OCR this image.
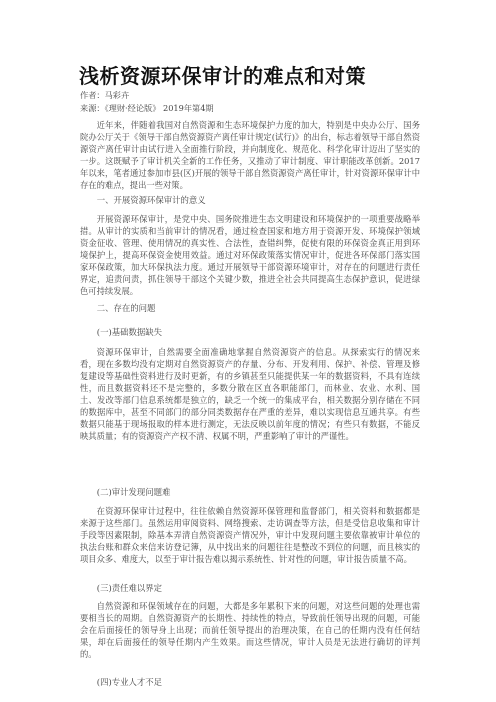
浅析资源环保审计的难点和对策
作者：马彩卉
来源：《理财·经论版》 2019年第4期

近年来，伴随着我国对自然资源和生态环境保护力度的加大，特别是中央办公厅、国务院办公厅关于《领导干部自然资源资产离任审计规定(试行)》的出台，标志着领导干部自然资源资产离任审计由试行进入全面推行阶段，并向制度化、规范化、科学化审计迈出了坚实的一步。这既赋予了审计机关全新的工作任务，又推动了审计制度、审计职能改革创新。2017年以来，笔者通过参加市县(区)开展的领导干部自然资源资产离任审计，针对资源环保审计中存在的难点，提出一些对策。

一、开展资源环保审计的意义

开展资源环保审计，是党中央、国务院推进生态文明建设和环境保护的一项重要战略举措。从审计的实质和当前审计的情况看，通过检查国家和地方用于资源开发、环境保护领域资金征收、管理、使用情况的真实性、合法性，查错纠弊，促使有限的环保资金真正用到环境保护上，提高环保资金使用效益。通过对环保政策落实情况审计，促进各环保部门落实国家环保政策，加大环保执法力度。通过开展领导干部资源环境审计，对存在的问题进行责任界定，追责问责，抓住领导干部这个关键少数，推进全社会共同提高生态保护意识，促进绿色可持续发展。

二、存在的问题
(一)基础数据缺失

资源环保审计，自然需要全面准确地掌握自然资源资产的信息。从探索实行的情况来看，现在多数均没有定期对自然资源资产的存量、分布、开发利用、保护、补偿、管理及修复建设等基础性资料进行及时更新，有的乡镇甚至只能提供某一年的数据资料，不具有连续性，而且数据资料还不是完整的，多数分散在区直各职能部门，而林业、农业、水利、国土、发改等部门信息系统都是独立的，缺乏一个统一的集成平台，相关数据分别存储在不同的数据库中，甚至不同部门的部分同类数据存在严重的差异，难以实现信息互通共享。有些数据只能基于现场报取的样本进行测定，无法反映以前年度的情况；有些只有数据，不能反映其质量；有的资源资产产权不清、权属不明，严重影响了审计的严谨性。

(二)审计发现问题难

在资源环保审计过程中，往往依赖自然资源环保管理和监督部门，相关资料和数据都是来源于这些部门。虽然运用审阅资料、网络搜索、走访调查等方法，但是受信息收集和审计手段等因素限制，除基本弄清自然资源资产情况外，审计中发现问题主要依靠被审计单位的执法台账和群众来信来访登记簿，从中找出来的问题往往是整改不到位的问题，而且核实的项目众多、难度大，以至于审计报告难以揭示系统性、针对性的问题，审计报告质量不高。

(三)责任难以界定

自然资源和环保领域存在的问题，大都是多年累积下来的问题，对这些问题的处理也需要相当长的周期。自然资源资产的长期性、持续性的特点，导致前任领导出现的问题，可能会在后面接任的领导身上出现；而前任领导提出的治理决策，在自己的任期内没有任何结果，却在后面接任的领导任期内产生效果。而这些情况，审计人员是无法进行确切的评判的。

(四)专业人才不足
